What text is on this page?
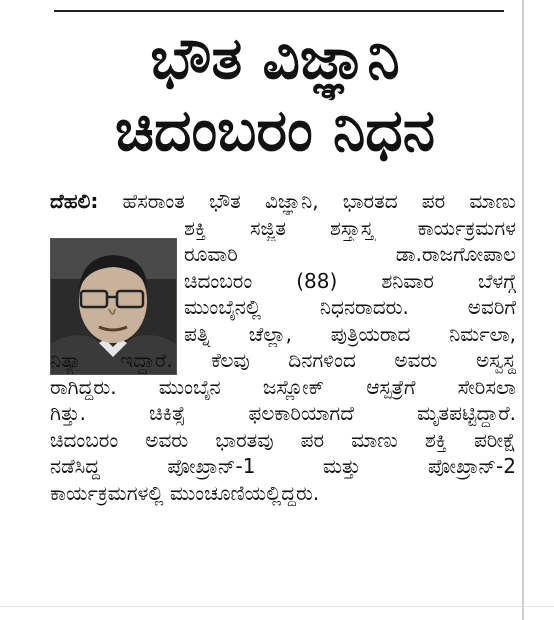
ಭೌತ ವಿಜ್ಞಾನಿ
ಚಿದಂಬರಂ ನಿಧನ
ದೆಹಲಿ: ಹೆಸರಾಂತ ಭೌತ ವಿಜ್ಞಾನಿ, ಭಾರತದ ಪರ ಮಾಣು
ಶಕ್ತಿ ಸಜ್ಜಿತ ಶಸ್ತ್ರಾಸ್ತ್ರ ಕಾರ್ಯಕ್ರಮಗಳ
ರೂವಾರಿ ಡಾ.ರಾಜಗೋಪಾಲ
ಚಿದಂಬರಂ (88) ಶನಿವಾರ ಬೆಳಗ್ಗೆ
ಮುಂಬೈನಲ್ಲಿ ನಿಧನರಾದರು. ಅವರಿಗೆ
ಪತ್ನಿ ಚೆಲ್ಲಾ, ಪುತ್ರಿಯರಾದ ನಿರ್ಮಲಾ,
ನಿತ್ಯಾ ಇದ್ದಾರೆ. ಕೆಲವು ದಿನಗಳಿಂದ ಅವರು ಅಸ್ವಸ್ಥ
ರಾಗಿದ್ದರು. ಮುಂಬೈನ ಜಸ್ಲೋಕ್ ಆಸ್ಪತ್ರೆಗೆ ಸೇರಿಸಲಾ
ಗಿತ್ತು. ಚಿಕಿತ್ಸೆ ಫಲಕಾರಿಯಾಗದೆ ಮೃತಪಟ್ಟಿದ್ದಾರೆ.
ಚಿದಂಬರಂ ಅವರು ಭಾರತವು ಪರ ಮಾಣು ಶಕ್ತಿ ಪರೀಕ್ಷೆ
ನಡೆಸಿದ್ದ ಪೋಖ್ರಾನ್-1 ಮತ್ತು ಪೋಖ್ರಾನ್-2
ಕಾರ್ಯಕ್ರಮಗಳಲ್ಲಿ ಮುಂಚೂಣಿಯಲ್ಲಿದ್ದರು.
